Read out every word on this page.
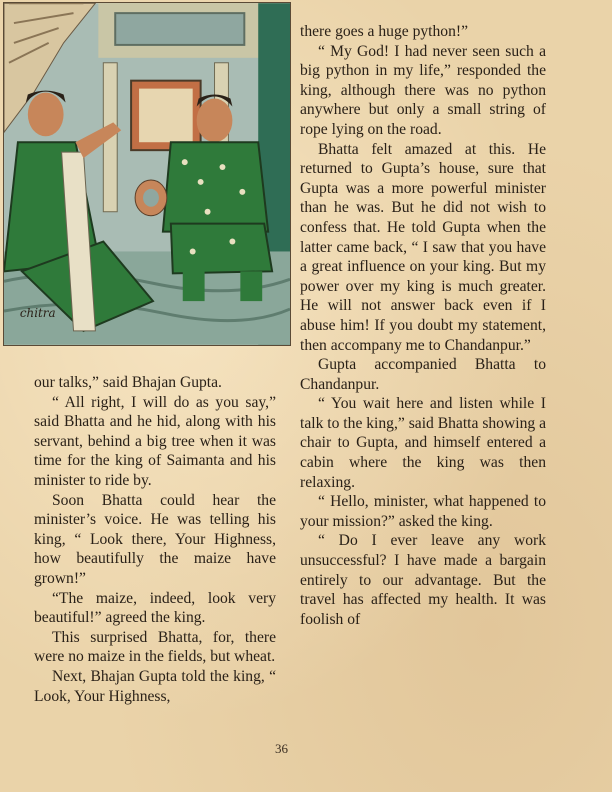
chitra

our talks,” said Bhajan Gupta.

“ All right, I will do as you say,” said Bhatta and he hid, along with his servant, behind a big tree when it was time for the king of Saimanta and his minister to ride by.

Soon Bhatta could hear the minister’s voice. He was telling his king, “ Look there, Your Highness, how beautifully the maize have grown!”

“The maize, indeed, look very beautiful!” agreed the king.

This surprised Bhatta, for, there were no maize in the fields, but wheat.

Next, Bhajan Gupta told the king, “ Look, Your Highness,

there goes a huge python!”

“ My God! I had never seen such a big python in my life,” responded the king, although there was no python anywhere but only a small string of rope lying on the road.

Bhatta felt amazed at this. He returned to Gupta’s house, sure that Gupta was a more powerful minister than he was. But he did not wish to confess that. He told Gupta when the latter came back, “ I saw that you have a great influence on your king. But my power over my king is much greater. He will not answer back even if I abuse him! If you doubt my statement, then accompany me to Chandanpur.”

Gupta accompanied Bhatta to Chandanpur.

“ You wait here and listen while I talk to the king,” said Bhatta showing a chair to Gupta, and himself entered a cabin where the king was then relaxing.

“ Hello, minister, what happened to your mission?” asked the king.

“ Do I ever leave any work unsuccessful? I have made a bargain entirely to our advantage. But the travel has affected my health. It was foolish of

36
